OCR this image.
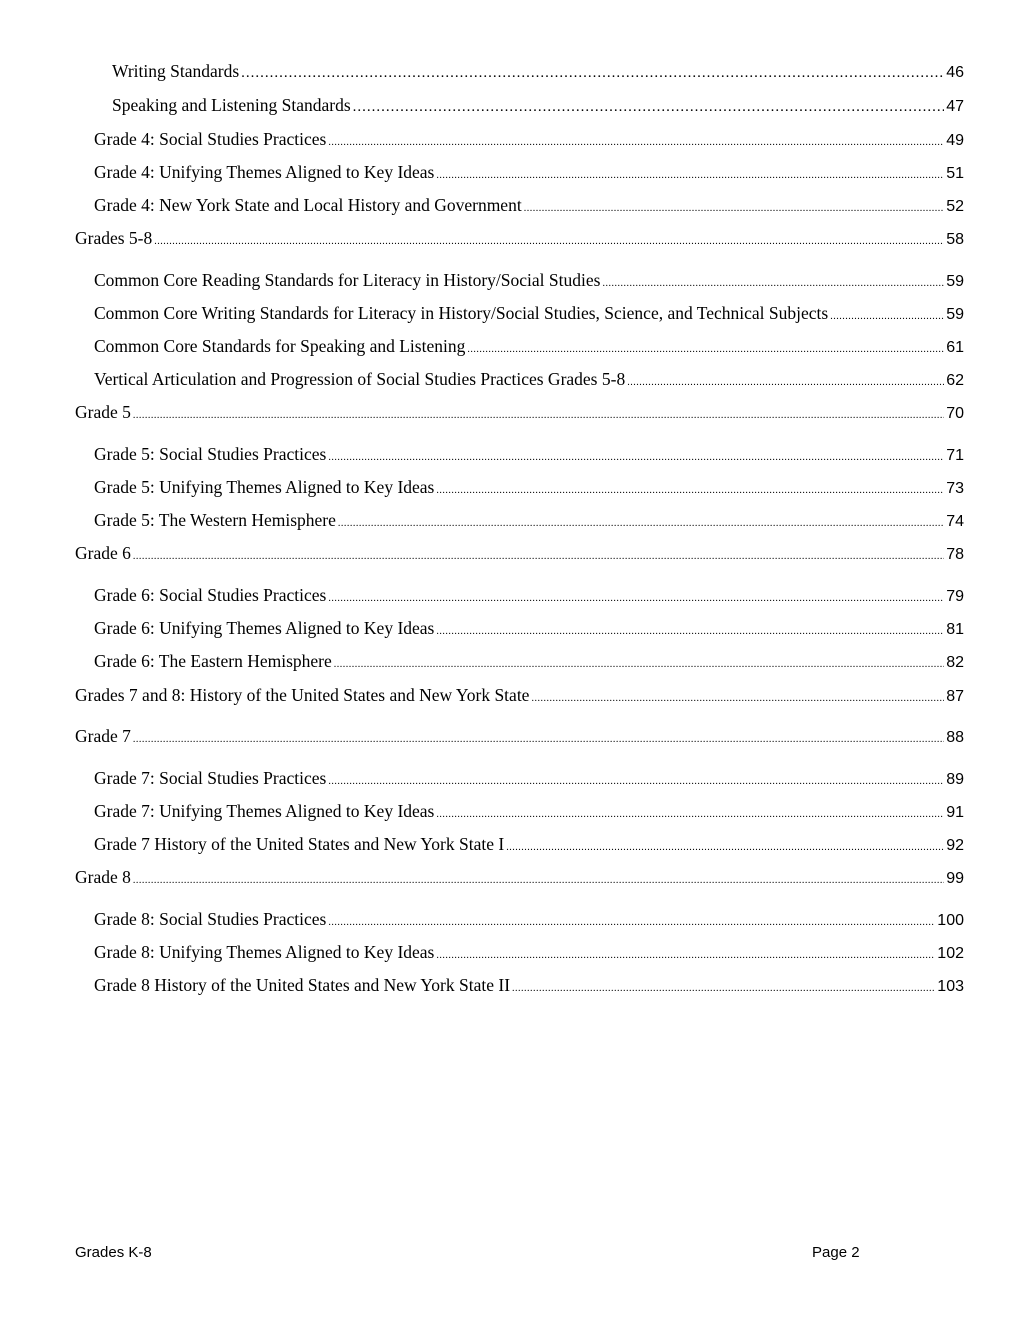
Writing Standards .....	46
Speaking and Listening Standards .....	47
Grade 4: Social Studies Practices .....	49
Grade 4: Unifying Themes Aligned to Key Ideas .....	51
Grade 4: New York State and Local History and Government .....	52
Grades 5-8 .....	58
Common Core Reading Standards for Literacy in History/Social Studies .....	59
Common Core Writing Standards for Literacy in History/Social Studies, Science, and Technical Subjects .....	59
Common Core Standards for Speaking and Listening .....	61
Vertical Articulation and Progression of Social Studies Practices Grades 5-8 .....	62
Grade 5 .....	70
Grade 5: Social Studies Practices .....	71
Grade 5: Unifying Themes Aligned to Key Ideas .....	73
Grade 5: The Western Hemisphere .....	74
Grade 6 .....	78
Grade 6: Social Studies Practices .....	79
Grade 6: Unifying Themes Aligned to Key Ideas .....	81
Grade 6: The Eastern Hemisphere .....	82
Grades 7 and 8: History of the United States and New York State .....	87
Grade 7 .....	88
Grade 7: Social Studies Practices .....	89
Grade 7: Unifying Themes Aligned to Key Ideas .....	91
Grade 7 History of the United States and New York State I .....	92
Grade 8 .....	99
Grade 8: Social Studies Practices .....	100
Grade 8: Unifying Themes Aligned to Key Ideas .....	102
Grade 8 History of the United States and New York State II .....	103
Grades K-8	Page 2
